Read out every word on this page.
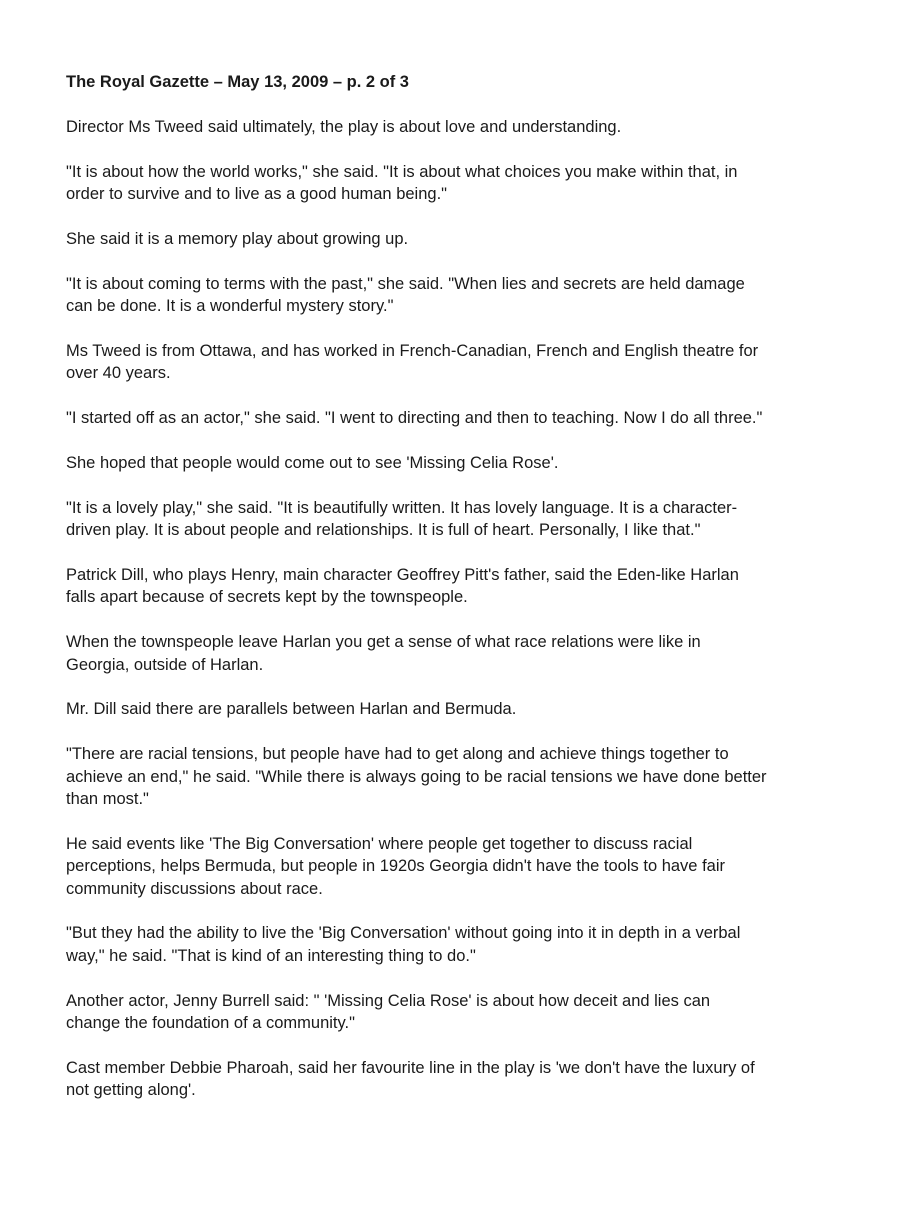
The Royal Gazette – May 13, 2009 – p. 2 of 3

Director Ms Tweed said ultimately, the play is about love and understanding.

"It is about how the world works," she said. "It is about what choices you make within that, in
order to survive and to live as a good human being."

She said it is a memory play about growing up.

"It is about coming to terms with the past," she said. "When lies and secrets are held damage
can be done. It is a wonderful mystery story."

Ms Tweed is from Ottawa, and has worked in French-Canadian, French and English theatre for
over 40 years.

"I started off as an actor," she said. "I went to directing and then to teaching. Now I do all three."

She hoped that people would come out to see 'Missing Celia Rose'.

"It is a lovely play," she said. "It is beautifully written. It has lovely language. It is a character-
driven play. It is about people and relationships. It is full of heart. Personally, I like that."

Patrick Dill, who plays Henry, main character Geoffrey Pitt's father, said the Eden-like Harlan
falls apart because of secrets kept by the townspeople.

When the townspeople leave Harlan you get a sense of what race relations were like in
Georgia, outside of Harlan.

Mr. Dill said there are parallels between Harlan and Bermuda.

"There are racial tensions, but people have had to get along and achieve things together to
achieve an end," he said. "While there is always going to be racial tensions we have done better
than most."

He said events like 'The Big Conversation' where people get together to discuss racial
perceptions, helps Bermuda, but people in 1920s Georgia didn't have the tools to have fair
community discussions about race.

"But they had the ability to live the 'Big Conversation' without going into it in depth in a verbal
way," he said. "That is kind of an interesting thing to do."

Another actor, Jenny Burrell said: " 'Missing Celia Rose' is about how deceit and lies can
change the foundation of a community."

Cast member Debbie Pharoah, said her favourite line in the play is 'we don't have the luxury of
not getting along'.
